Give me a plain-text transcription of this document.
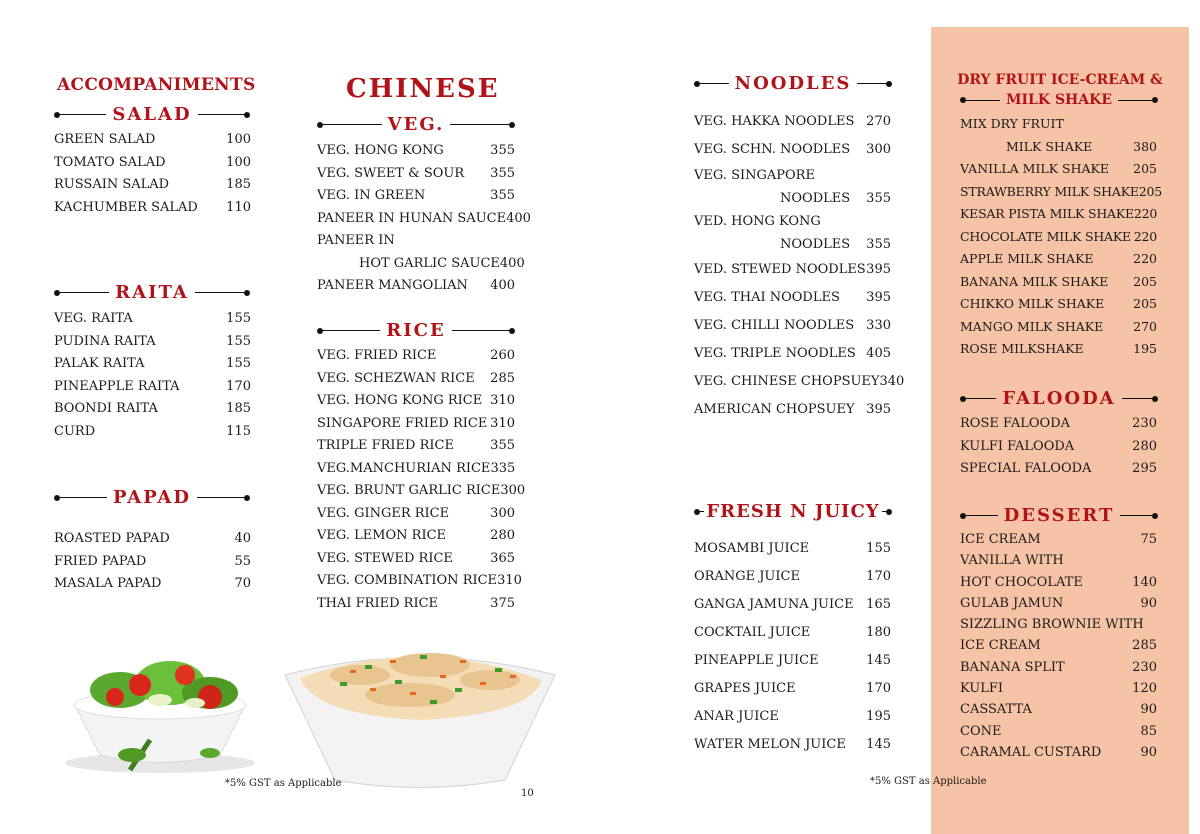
ACCOMPANIMENTS
SALAD
GREEN SALAD	100
TOMATO SALAD	100
RUSSAIN SALAD	185
KACHUMBER SALAD	110
RAITA
VEG. RAITA	155
PUDINA RAITA	155
PALAK RAITA	155
PINEAPPLE RAITA	170
BOONDI RAITA	185
CURD	115
PAPAD
ROASTED PAPAD	40
FRIED PAPAD	55
MASALA PAPAD	70
CHINESE
VEG.
VEG. HONG KONG	355
VEG. SWEET & SOUR	355
VEG. IN GREEN	355
PANEER IN HUNAN SAUCE 400
PANEER IN
HOT GARLIC SAUCE 400
PANEER MANGOLIAN	400
RICE
VEG. FRIED RICE	260
VEG. SCHEZWAN RICE	285
VEG. HONG KONG RICE 310
SINGAPORE FRIED RICE 310
TRIPLE FRIED RICE	355
VEG.MANCHURIAN RICE 335
VEG. BRUNT GARLIC RICE 300
VEG. GINGER RICE	300
VEG. LEMON RICE	280
VEG. STEWED RICE	365
VEG. COMBINATION RICE 310
THAI FRIED RICE	375
*5% GST as Applicable
10
NOODLES
VEG. HAKKA NOODLES 270
VEG. SCHN. NOODLES	300
VEG. SINGAPORE
NOODLES	355
VED. HONG KONG
NOODLES	355
VED. STEWED NOODLES 395
VEG. THAI NOODLES	395
VEG. CHILLI NOODLES 330
VEG. TRIPLE NOODLES 405
VEG. CHINESE CHOPSUEY 340
AMERICAN CHOPSUEY 395
FRESH N JUICY
MOSAMBI JUICE	155
ORANGE JUICE	170
GANGA JAMUNA JUICE 165
COCKTAIL JUICE	180
PINEAPPLE JUICE	145
GRAPES JUICE	170
ANAR JUICE	195
WATER MELON JUICE	145
*5% GST as Applicable
DRY FRUIT ICE-CREAM &
MILK SHAKE
MIX DRY FRUIT
MILK SHAKE	380
VANILLA MILK SHAKE	205
STRAWBERRY MILK SHAKE 205
KESAR PISTA MILK SHAKE 220
CHOCOLATE MILK SHAKE 220
APPLE MILK SHAKE	220
BANANA MILK SHAKE	205
CHIKKO MILK SHAKE	205
MANGO MILK SHAKE	270
ROSE MILKSHAKE	195
FALOODA
ROSE FALOODA	230
KULFI FALOODA	280
SPECIAL FALOODA	295
DESSERT
ICE CREAM	75
VANILLA WITH
HOT CHOCOLATE	140
GULAB JAMUN	90
SIZZLING BROWNIE WITH
ICE CREAM	285
BANANA SPLIT	230
KULFI	120
CASSATTA	90
CONE	85
CARAMAL CUSTARD	90
